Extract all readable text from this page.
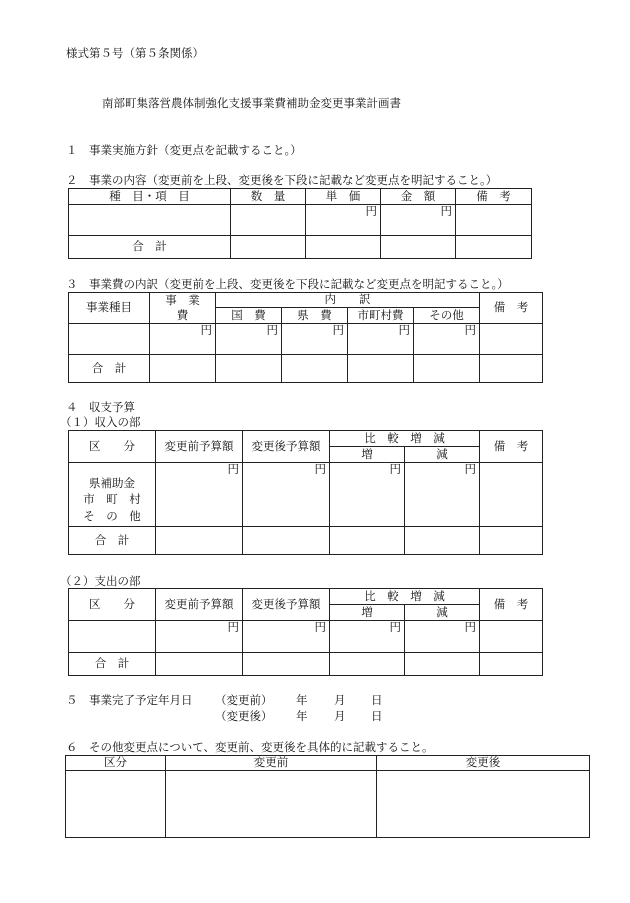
様式第５号（第５条関係）
南部町集落営農体制強化支援事業費補助金変更事業計画書
１　事業実施方針（変更点を記載すること。）
２　事業の内容（変更前を上段、変更後を下段に記載など変更点を明記すること。）
種　目・項　目	数　量	単　価	金　額	備　考
		円	円	
合　計				
３　事業費の内訳（変更前を上段、変更後を下段に記載など変更点を明記すること。）
事業種目	事　業	内　　訳				備　考
	費	国　費	県　費	市町村費	その他	
	円	円	円	円	円	
合　計						
４　収支予算
（１）収入の部
区　　分	変更前予算額	変更後予算額	比　較　増　減		備　考
			増	減	

県補助金
市　町　村
そ　の　他	円	円	円	円	
合　計					
（２）支出の部
区　　分	変更前予算額	変更後予算額	比　較　増　減		備　考
			増	減	
	円	円	円	円	
合　計					
５　事業完了予定年月日 （変更前） 年 月 日
（変更後） 年 月 日
６　その他変更点について、変更前、変更後を具体的に記載すること。
区分	変更前	変更後
